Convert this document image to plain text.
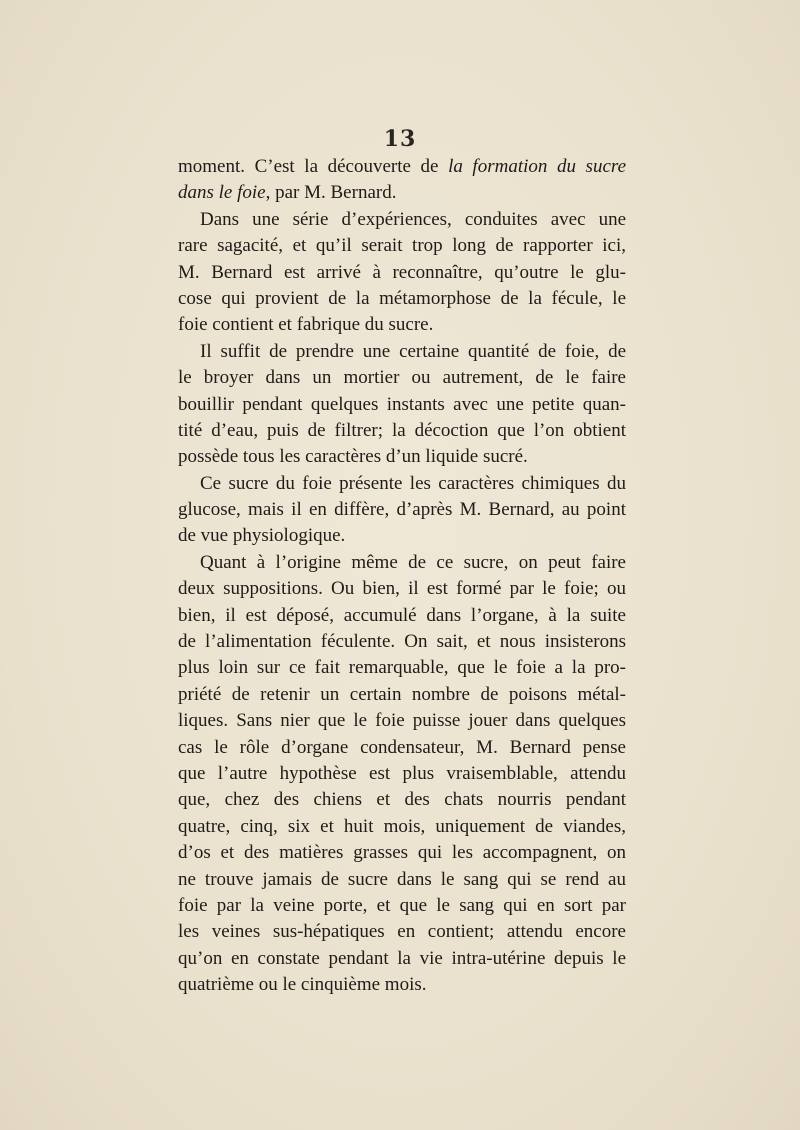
13
moment. C’est la découverte de la formation du sucre
dans le foie, par M. Bernard.
Dans une série d’expériences, conduites avec une
rare sagacité, et qu’il serait trop long de rapporter ici,
M. Bernard est arrivé à reconnaître, qu’outre le glu-
cose qui provient de la métamorphose de la fécule, le
foie contient et fabrique du sucre.
Il suffit de prendre une certaine quantité de foie, de
le broyer dans un mortier ou autrement, de le faire
bouillir pendant quelques instants avec une petite quan-
tité d’eau, puis de filtrer; la décoction que l’on obtient
possède tous les caractères d’un liquide sucré.
Ce sucre du foie présente les caractères chimiques du
glucose, mais il en diffère, d’après M. Bernard, au point
de vue physiologique.
Quant à l’origine même de ce sucre, on peut faire
deux suppositions. Ou bien, il est formé par le foie; ou
bien, il est déposé, accumulé dans l’organe, à la suite
de l’alimentation féculente. On sait, et nous insisterons
plus loin sur ce fait remarquable, que le foie a la pro-
priété de retenir un certain nombre de poisons métal-
liques. Sans nier que le foie puisse jouer dans quelques
cas le rôle d’organe condensateur, M. Bernard pense
que l’autre hypothèse est plus vraisemblable, attendu
que, chez des chiens et des chats nourris pendant
quatre, cinq, six et huit mois, uniquement de viandes,
d’os et des matières grasses qui les accompagnent, on
ne trouve jamais de sucre dans le sang qui se rend au
foie par la veine porte, et que le sang qui en sort par
les veines sus-hépatiques en contient; attendu encore
qu’on en constate pendant la vie intra-utérine depuis le
quatrième ou le cinquième mois.
